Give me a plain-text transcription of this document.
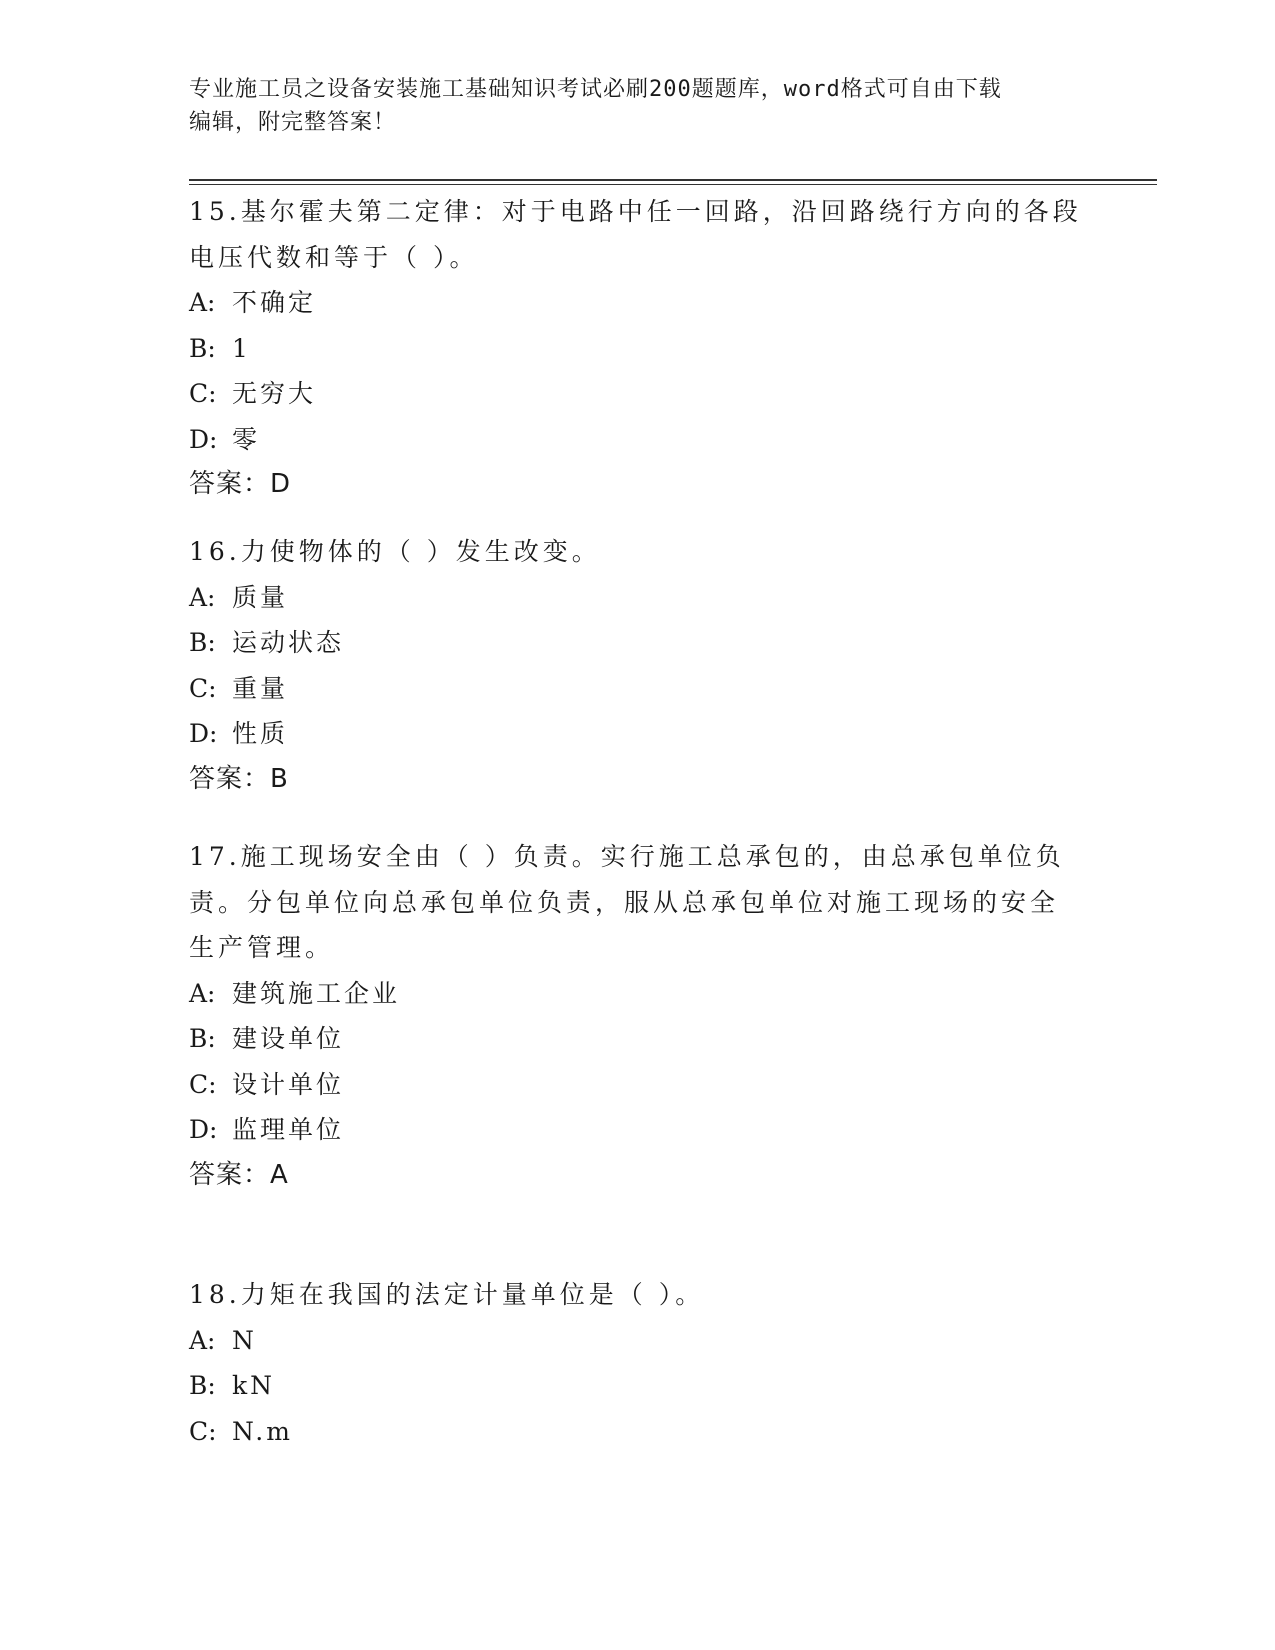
专业施工员之设备安装施工基础知识考试必刷200题题库，word格式可自由下载
编辑，附完整答案！
15.基尔霍夫第二定律：对于电路中任一回路，沿回路绕行方向的各段
电压代数和等于（ ）。
A: 不确定
B: 1
C: 无穷大
D: 零
答案：D
16.力使物体的（ ）发生改变。
A: 质量
B: 运动状态
C: 重量
D: 性质
答案：B
17.施工现场安全由（ ）负责。实行施工总承包的，由总承包单位负
责。分包单位向总承包单位负责，服从总承包单位对施工现场的安全
生产管理。
A: 建筑施工企业
B: 建设单位
C: 设计单位
D: 监理单位
答案：A
18.力矩在我国的法定计量单位是（ ）。
A: N
B: kN
C: N.m
